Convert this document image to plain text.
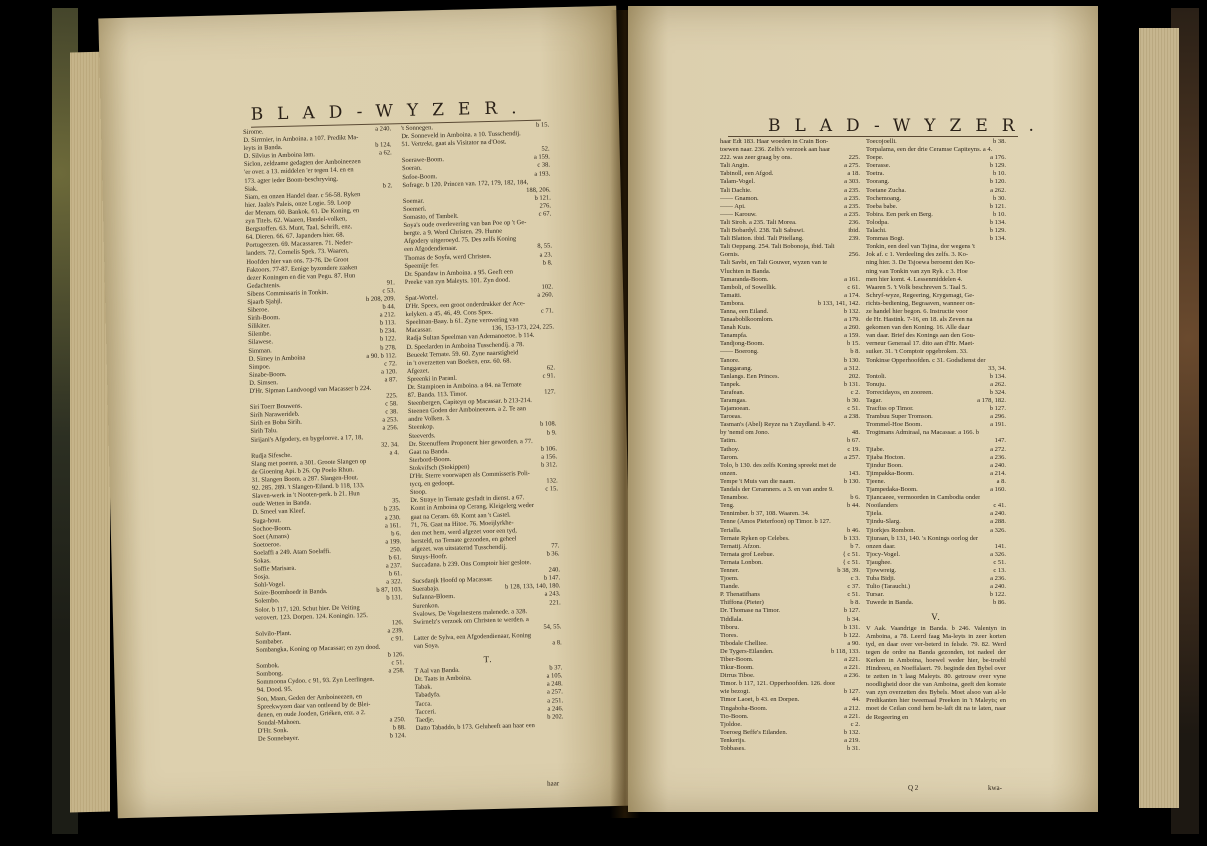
BLAD-WYZER.
Sirome.	a 240.
D. Sirrmier, in Amboina. a 107. Predikt Ma-
leyts in Banda.	b 124.
D. Silvius in Amboina lam.	a 62.
Siclon, zeldzame gedagten der Amboineezen
'er over. a 13. middelen 'er tegen 14. en en
173. agter ieder Boom-beschryving.
Siak.	b 2.
Siam, en onzen Handel daar. c 56-58. Ryken
hier. Jaala's Paleis, onze Logie. 59. Loop
der Menam. 60. Bankok. 61. De Koning, en
zyn Titels. 62. Waaren, Handel-volken,
Bergstoffen. 63. Munt, Taal, Schrift, enz.
64. Dieren. 66. 67. Japanders hier. 68.
Portugeezen. 69. Macassaren. 71. Neder-
landers. 72. Cornelis Spek. 73. Waaren,
Hoofden hier van ons. 73-76. De Groot
Faktoors. 77-87. Eenige byzondere zaaken
dezer Koningen en die van Pegu. 87. Hun
Gedachtenis.	91.
Sibens Commissaris in Tonkin.	c 53.
Sjaarb Sjahjl.	b 208, 209.
Siberoe.	b 44.
Sirih-Boom.	a 212.
Silikiter.	b 113.
Silembe.	b 234.
Silawese.	b 122.
Simman.	b 278.
D. Simey in Amboina	a 90. b 112.
Simpoe.	c 72.
Sinabe-Boom.	a 120.
D. Simsen.	a 87.
D'Hr. Sipman Landvoogd van Macasser b 224.
225.
Siri Toerr Bouwens.	c 58.
Sirih Narawerideb.	c 38.
Sirih en Boba Sirih.	a 253.
Sirih Talu.	a 256.
Sirijani's Afgodery, en bygeloove. a 17, 18,
32. 34.
Rudja Sifesche.	a 4.
Slang met poeren. a 301. Groote Slangen op
de Gioening Api. b 26. Op Poelo Rhun.
31. Slangen Boom. a 287. Slangen-Hout.
92. 285. 289. 't Slangen-Eiland. b 118, 133.
Slaven-werk in 't Nooten-perk. b 21. Hun
oude Wetten in Banda.	35.
D. Smeel van Kleef.	b 235.
Suga-hout.	a 230.
Sochoe-Boom.	a 161.
Soet (Amans)	b 6.
Soetoeroe.	a 199.
Soelaffi a 249. Atam Soelaffi.	250.
Sokas.	b 61.
Soffie Marisara.	a 237.
Sosja.	b 61.
Sohl-Vogel.	a 322.
Soire-Boomhoedr in Banda.	b 87, 103.
Solembo.	b 131.
Solor. b 117, 120. Schut hier. De Veiting
verovert. 123. Dorpen. 124. Koningin. 125.
126.
Solvilo-Plant.	a 239.
Sombaber.	c 91.
Sombangka, Koning op Macassar; en zyn dood.
b 126.
Sombok.	c 51.
Sombong.	a 258.
Sommoona Cydoo. c 91, 93. Zyn Leerlingen.
94. Dood. 95.
Son, Maan, Geden der Amboineezen, en
Spreekwyzen daar van ontleend by de Blei-
denen, en oude Jooden, Griéken, enz. a 2.
Sondal-Mahoen.	a 250.
D'Hr. Sonk.	b 88.
De Sonnebayer.	b 124.
't Sonnegen.	b 15.
Dr. Sonneveld in Amboina. a 10. Tusschendij.
51. Vertrekt, gaat als Visitator na d'Oost.
52.
Soerawe-Boom.	a 159.
Soeran.	c 38.
Sofoe-Boom.	a 193.
Sofrage. b 120. Princen van. 172, 179, 182, 184,
188, 206.
Soemar.	b 121.
Soemeri.	276.
Somasto, of Tambelt.	c 67.
Soya's oude overlevering van ban Poe op 't Ge-
bergte. a 9. Word Christen. 29. Hunne
Afgodery uitgeroeyd. 75. Des zelfs Koning
een Afgodendienaar.	8, 55.
Thomas de Soyfa, werd Christen.	a 23.
Speemije fer.	b 8.
Dr. Spandaw in Amboina. a 95. Geeft een
Preeke van zyn Maleyts. 101. Zyn dood.
102.
Spat-Wortel.	a 260.
D'Hr. Speex, een groot onderdrukker der Ace-
kelyken. a 45, 46, 49. Cons Spex.	c 71.
Speelman-Baay. b 61. Zyne verovering van
Macassar.	136, 153-173, 224, 225.
Radja Sultan Speelman van Ademanoetoe. b 114.
D. Speelarden in Amboina Tusschendij. a 78.
Beueekt Ternate. 59. 60. Zyne naarstigheid
in 't overzetten van Boeken, enz. 60. 68.
Afgezet.	62.
Spreenki in Paranl.	c 91.
Dr. Stampioen in Amboina. a 84. na Ternate
87. Banda. 113. Timor.	127.
Steenbergen, Capiteyn op Macassar. b 213-214.
Steenen Goden der Amboineezen. a 2. Te aan
andre Volken. 3.
Steenkop.	b 108.
Steeverds.	b 9.
Dr. Steenuffeen Proponent hier geworden. a 77.
Gaat na Banda.	b 106.
Sterbord-Boom.	a 156.
Stokvifsch (Stokippen)	b 312.
D'Hr. Sterre voorwapen als Commisseris Poli-
tycq, en gedoopt.	132.
Stoop.	c 15.
Dr. Straye in Ternate gesfadt in dienst. a 67.
Komt in Amboina op Cerang, Kleigelerg weder
gaat na Ceram. 69. Komt aan 't Castel.
71, 76. Gaat na Hitoe. 76. Moeijlyrkhe-
den met hem, werd afgezet voor een tyd,
hersteld, na Ternate gezonden, en geheel
afgezet. was uitstaternd Tusschendij.	77.
Struys-Hoofr.	b 36.
Succadana. b 239. Ons Comptoir hier geslote.
240.
Sucsdanjk Hoofd op Macassar.	b 147.
Suerabaja.	b 128, 133, 140, 180.
Sufanna-Bloem.	a 243.
Surenkon.	221.
Svalows, De Vogelnestens malenede. a 328.
Swirnelz's verzoek om Christen te werden. a
54, 55.
Latter de Sylva, een Afgodendienaar, Koning
van Soya.	a 8.
T.
T Aal van Banda.	b 37.
Dr. Taats in Amboina.	a 105.
Tabak.	a 248.
Tabadyfa.	a 257.
Tacca.	a 251.
Tacceri.	a 246.
Taedje.	b 202.
Datto Tabaddo, b 173. Geluheeft aan haar een
haar
BLAD-WYZER.
haar Edt 183. Haar woeden in Crain Bon-
toewen naar. 236. Zelfs's verzoek aan haar
222. was zeer graag by ons.	225.
Tali Angin.	a 275.
Tabinoll, een Afgod.	a 18.
Talam-Vogel.	a 303.
Tali Dachie.	a 235.
—— Gnamon.	a 235.
—— Api.	a 235.
—— Karouw.	a 235.
Tali Siroh. a 235. Tali Morea.	236.
Tali Bobardyl. 238. Tali Sabuwi.	ibid.
Tali Blatton. ibid. Tali Pitellang.	239.
Tali Oeppang. 254. Tali Bobonoja, ibid. Tali
Gornis.	256.
Tali Savbi, en Tali Gouwer, wyzen van te
Vluchten in Banda.
Tamaranda-Boom.	a 161.
Tamboli, of Sowellik.	c 61.
Tamaiti.	a 174.
Tambora.	b 133, 141, 142.
Tanna, een Eiland.	b 132.
Tanaaboblkoomlom.	a 179.
Tanah Kuis.	a 260.
Tanampfa.	a 159.
Tandjong-Boom.	b 15.
—— Boerong.	b 8.
Tanore.	b 130.
Tanggarang.	a 312.
Tanlangs. Een Princes.	202.
Tanpek.	b 131.
Tarafean.	c 2.
Taramgas.	b 30.
Tajamoean.	c 51.
Taroeas.	a 238.
Tasman's (Abel) Reyze na 't Zuydland. b 47.
by 'nemd om Jono.	48.
Tatim.	b 67.
Tathoy.	c 19.
Tarom.	a 257.
Tolo, b 130. des zelfs Koning spreekt met de
onzen.	143.
Tempe 't Muis van die naam.	b 130.
Tandals der Ceramners. a 3. en van andre 9.
Tenamboe.	b 6.
Teng.	b 44.
Tennimber. b 37, 108. Waaren. 34.
Tenne (Amos Pieterfoon) op Timor. b 127.
Terialla.	b 46.
Ternate Ryken op Celebes.	b 133.
Ternatij. Afzon.	b 7.
Ternata grof Leebue.	{ c 51.
Ternata Lonbon.	{ c 51.
Tenner.	b 38, 39.
Tjoem.	c 3.
Tiande.	c 37.
P. Thenatifhans	c 51.
Thiffona (Pieter)	b 8.
Dr. Thomase na Timor.	b 127.
Tiddlala.	b 34.
Tiboru.	b 131.
Tiores.	b 122.
Tibodale Chelliee.	a 90.
De Tygers-Eilanden.	b 118, 133.
Tiber-Boom.	a 221.
Tikur-Boom.	a 221.
Dirrus Tiboe.	a 236.
Timor. b 117, 121. Opperhoofden. 126. door
wie bezogt.	b 127.
Timor Laoet, b 43. en Dorpen.	44.
Tingaboha-Boom.	a 212.
Tio-Boom.	a 221.
Tjoldoe.	c 2.
Toeroeg Beffe's Eilanden.	b 132.
Tenkerijs.	a 219.
Tobbases.	b 31.
Toecojoelli.	b 38.
Torpalama, een der drie Ceramse Capiteyns. a 4.
Toepe.	a 176.
Toerasse.	b 129.
Toetra.	b 10.
Toorang.	b 120.
Toetane Zucha.	a 262.
Tochemoang.	b 30.
Toeba babe.	b 121.
Tobira. Een perk en Berg.	b 10.
Tolodpa.	b 134.
Talachi.	b 129.
Tommas Bogt.	b 134.
Tonkin, een deel van Tsjina, dor wegens 't
Jok af. c 1. Verdeeling des zelfs. 3. Ko-
ning hier. 3. De Tsjoewa beroemt den Ko-
ning van Tonkin van zyn Ryk. c 3. Hoe
men hier komt. 4. Lessenmiddelen 4.
Waaren 5. 't Volk beschreven 5. Taal 5.
Schryf-wyze, Regeering, Krygsmagt, Ge-
richts-bediening, Begraaven, wanneer on-
ze handel hier begon. 6. Instructie voor
de Hr. Hastink. 7-16, en 18. als Zeven na
gekomen van den Koning. 16. Alle daar
van daar. Brief des Konings aan den Gou-
verneur Generaal 17. dito aan d'Hr. Maet-
suiker. 31. 't Comptoir opgebroken. 33.
Tonkinse Opperhoofden. c 31. Godsdienst der
33, 34.
Tontoli.	b 134.
Tonuju.	a 262.
Torrecidayos, en zooreen.	b 324.
Tagar.	a 178, 182.
Tracfiss op Timor.	b 127.
Trambuu Super Tromson.	a 296.
Trommel-Hoe Boom.	a 191.
Trogtmans Admiraal, na Macassar. a 166. b
147.
Tjiabe.	a 272.
Tjiaba Hocton.	a 236.
Tjindur Boon.	a 240.
Tjimpakka-Boom.	a 214.
Tjeene.	a 8.
Tjampedaka-Boom.	a 160.
Tjiancaeee, vermoorden in Cambodia onder
Nooilanders	c 41.
Tjiela.	a 240.
Tjindu-Slarg.	a 288.
Tjiorkjes Rombon.	a 326.
Tjiuraan, b 131, 140. 's Konings oorlog der
onzen daar.	141.
Tjocy-Vogel.	a 326.
Tjaughee.	c 51.
Tjowwreig.	c 13.
Tuba Bidji.	a 236.
Tulio (Tarauchi.)	a 240.
Tursar.	b 122.
Tuwede in Banda.	b 86.
V.
V Aak. Vaandrige in Banda. b 246. Valentyn in Amboina, a 78. Leerd faag Ma-leyts in zeer korten tyd, en daar over ver-beterd in felsde. 79. 82. Werd tegen de ordre na Banda gezonden, tot nadeel der Kerken in Amboina, hoewel weder hier, be-troebl Hindreeu, en Noeffalaert. 79. beginde den Bybel over te zetten in 't laag Maleyts. 80. getrouw over vyne noodligheid door die van Amboina, geeft den komste van zyn overzetten des Bybels. Moet alsoo van al-le Predikanten hier tweemaal Preeken in 't Maleyts; en moet de Ceilan cond hem be-laft dit na te laten, naar de Regeering en
Q 2	kwa-
